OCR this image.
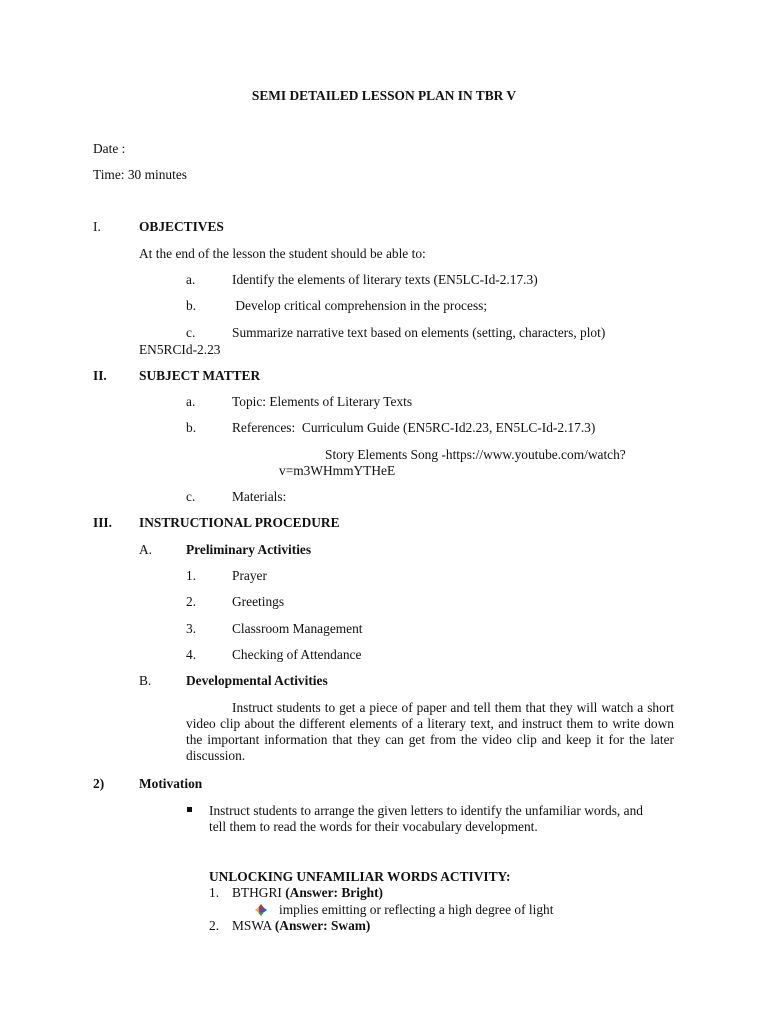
SEMI DETAILED LESSON PLAN IN TBR V
Date :
Time: 30 minutes
I.	OBJECTIVES
At the end of the lesson the student should be able to:
a.	Identify the elements of literary texts (EN5LC-Id-2.17.3)
b.	Develop critical comprehension in the process;
c.	Summarize narrative text based on elements (setting, characters, plot)
EN5RCId-2.23
II. SUBJECT MATTER
a.	Topic: Elements of Literary Texts
b.	References:  Curriculum Guide (EN5RC-Id2.23, EN5LC-Id-2.17.3)
Story Elements Song -https://www.youtube.com/watch?
v=m3WHmmYTHeE
c.	Materials:
III. INSTRUCTIONAL PROCEDURE
A.	Preliminary Activities
1.	Prayer
2.	Greetings
3.	Classroom Management
4.	Checking of Attendance
B.	Developmental Activities
Instruct students to get a piece of paper and tell them that they will watch a short video clip about the different elements of a literary text, and instruct them to write down the important information that they can get from the video clip and keep it for the later discussion.
2)	Motivation
Instruct students to arrange the given letters to identify the unfamiliar words, and
tell them to read the words for their vocabulary development.
UNLOCKING UNFAMILIAR WORDS ACTIVITY:
1. BTHGRI (Answer: Bright)
implies emitting or reflecting a high degree of light
2. MSWA (Answer: Swam)
